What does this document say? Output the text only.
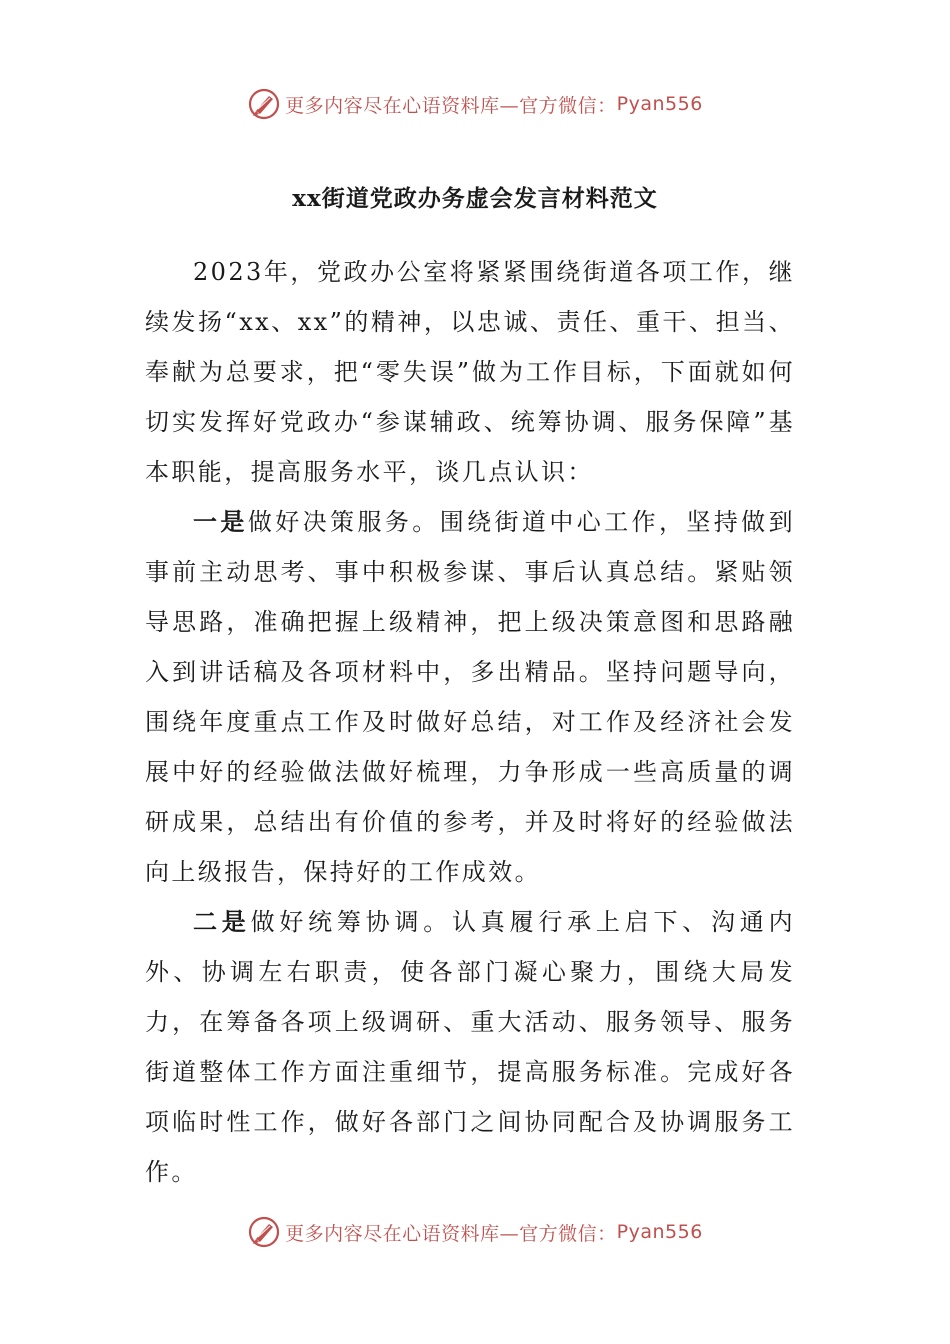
更多内容尽在心语资料库—官方微信： Pyan556
xx街道党政办务虚会发言材料范文

2023年，党政办公室将紧紧围绕街道各项工作，继续发扬“xx、xx”的精神，以忠诚、责任、重干、担当、奉献为总要求，把“零失误”做为工作目标，下面就如何切实发挥好党政办“参谋辅政、统筹协调、服务保障”基本职能，提高服务水平，谈几点认识：

一是做好决策服务。围绕街道中心工作，坚持做到事前主动思考、事中积极参谋、事后认真总结。紧贴领导思路，准确把握上级精神，把上级决策意图和思路融入到讲话稿及各项材料中，多出精品。坚持问题导向，围绕年度重点工作及时做好总结，对工作及经济社会发展中好的经验做法做好梳理，力争形成一些高质量的调研成果，总结出有价值的参考，并及时将好的经验做法向上级报告，保持好的工作成效。

二是做好统筹协调。认真履行承上启下、沟通内外、协调左右职责，使各部门凝心聚力，围绕大局发力，在筹备各项上级调研、重大活动、服务领导、服务街道整体工作方面注重细节，提高服务标准。完成好各项临时性工作，做好各部门之间协同配合及协调服务工作。

更多内容尽在心语资料库—官方微信： Pyan556
